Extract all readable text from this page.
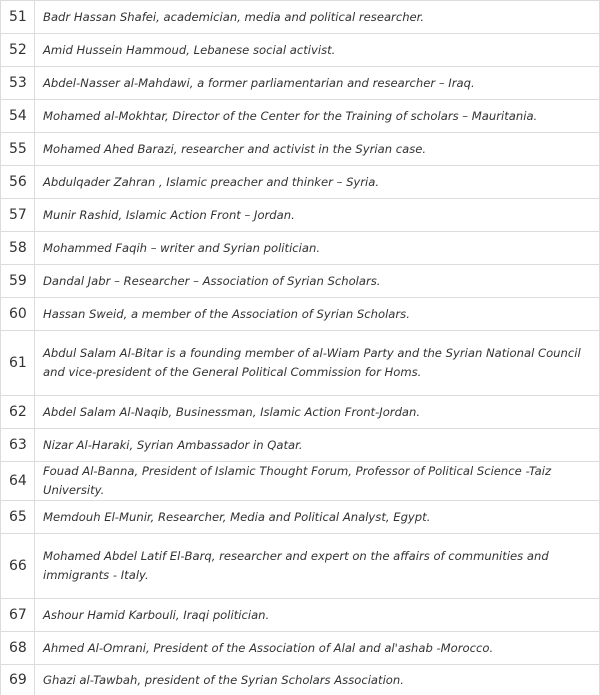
51	Badr Hassan Shafei, academician, media and political researcher.
52	Amid Hussein Hammoud, Lebanese social activist.
53	Abdel-Nasser al-Mahdawi, a former parliamentarian and researcher – Iraq.
54	Mohamed al-Mokhtar, Director of the Center for the Training of scholars – Mauritania.
55	Mohamed Ahed Barazi, researcher and activist in the Syrian case.
56	Abdulqader Zahran , Islamic preacher and thinker – Syria.
57	Munir Rashid, Islamic Action Front – Jordan.
58	Mohammed Faqih – writer and Syrian politician.
59	Dandal Jabr – Researcher – Association of Syrian Scholars.
60	Hassan Sweid, a member of the Association of Syrian Scholars.
61	Abdul Salam Al-Bitar is a founding member of al-Wiam Party and the Syrian National Council and vice-president of the General Political Commission for Homs.
62	Abdel Salam Al-Naqib, Businessman, Islamic Action Front-Jordan.
63	Nizar Al-Haraki, Syrian Ambassador in Qatar.
64	Fouad Al-Banna, President of Islamic Thought Forum, Professor of Political Science -Taiz University.
65	Memdouh El-Munir, Researcher, Media and Political Analyst, Egypt.
66	Mohamed Abdel Latif El-Barq, researcher and expert on the affairs of communities and immigrants - Italy.
67	Ashour Hamid Karbouli, Iraqi politician.
68	Ahmed Al-Omrani, President of the Association of Alal and al'ashab -Morocco.
69	Ghazi al-Tawbah, president of the Syrian Scholars Association.
